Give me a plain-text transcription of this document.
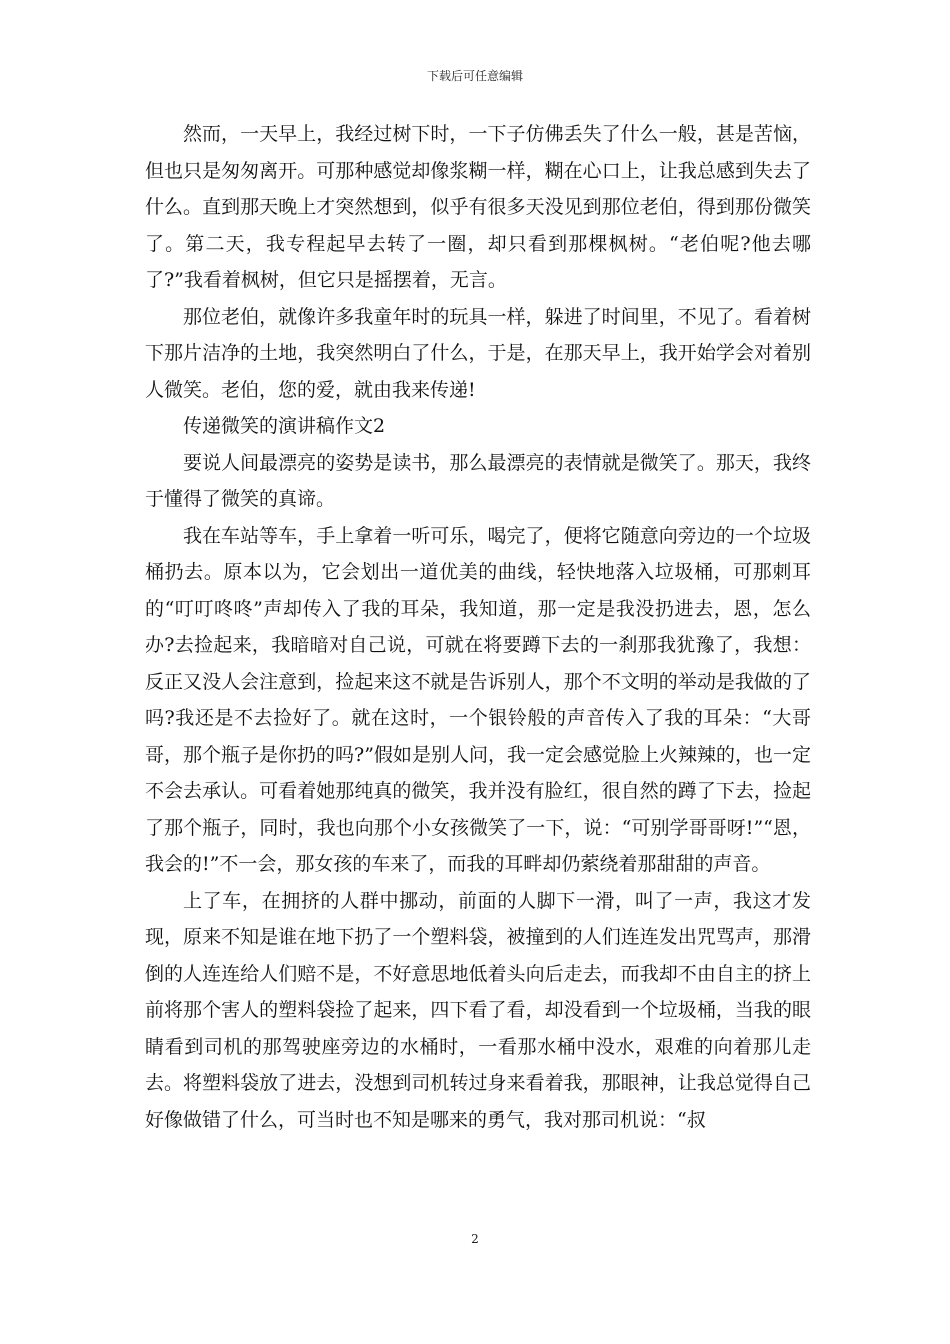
下载后可任意编辑

然而，一天早上，我经过树下时，一下子仿佛丢失了什么一般，甚是苦恼，但也只是匆匆离开。可那种感觉却像浆糊一样，糊在心口上，让我总感到失去了什么。直到那天晚上才突然想到，似乎有很多天没见到那位老伯，得到那份微笑了。第二天，我专程起早去转了一圈，却只看到那棵枫树。“老伯呢?他去哪了?”我看着枫树，但它只是摇摆着，无言。

那位老伯，就像许多我童年时的玩具一样，躲进了时间里，不见了。看着树下那片洁净的土地，我突然明白了什么，于是，在那天早上，我开始学会对着别人微笑。老伯，您的爱，就由我来传递!

传递微笑的演讲稿作文2

要说人间最漂亮的姿势是读书，那么最漂亮的表情就是微笑了。那天，我终于懂得了微笑的真谛。

我在车站等车，手上拿着一听可乐，喝完了，便将它随意向旁边的一个垃圾桶扔去。原本以为，它会划出一道优美的曲线，轻快地落入垃圾桶，可那刺耳的“叮叮咚咚”声却传入了我的耳朵，我知道，那一定是我没扔进去，恩，怎么办?去捡起来，我暗暗对自己说，可就在将要蹲下去的一刹那我犹豫了，我想：反正又没人会注意到，捡起来这不就是告诉别人，那个不文明的举动是我做的了吗?我还是不去捡好了。就在这时，一个银铃般的声音传入了我的耳朵：“大哥哥，那个瓶子是你扔的吗?”假如是别人问，我一定会感觉脸上火辣辣的，也一定不会去承认。可看着她那纯真的微笑，我并没有脸红，很自然的蹲了下去，捡起了那个瓶子，同时，我也向那个小女孩微笑了一下，说：“可别学哥哥呀!”“恩，我会的!”不一会，那女孩的车来了，而我的耳畔却仍萦绕着那甜甜的声音。

上了车，在拥挤的人群中挪动，前面的人脚下一滑，叫了一声，我这才发现，原来不知是谁在地下扔了一个塑料袋，被撞到的人们连连发出咒骂声，那滑倒的人连连给人们赔不是，不好意思地低着头向后走去，而我却不由自主的挤上前将那个害人的塑料袋捡了起来，四下看了看，却没看到一个垃圾桶，当我的眼睛看到司机的那驾驶座旁边的水桶时，一看那水桶中没水，艰难的向着那儿走去。将塑料袋放了进去，没想到司机转过身来看着我，那眼神，让我总觉得自己好像做错了什么，可当时也不知是哪来的勇气，我对那司机说：“叔

2
